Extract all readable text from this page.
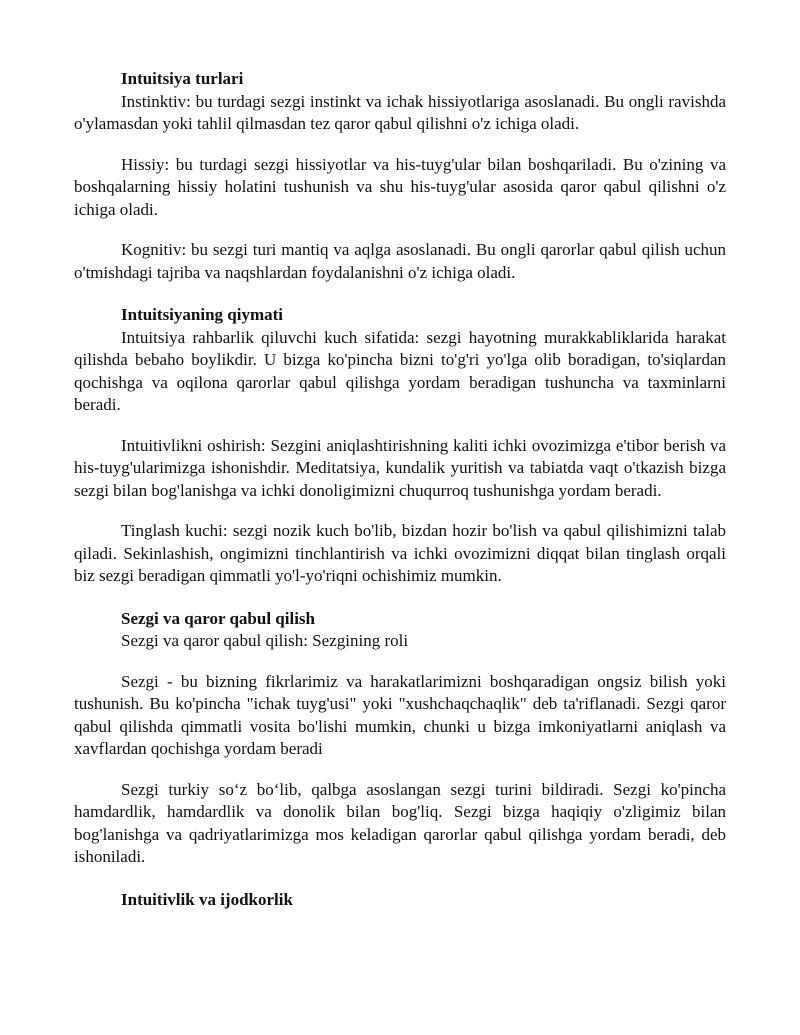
Intuitsiya turlari

Instinktiv: bu turdagi sezgi instinkt va ichak hissiyotlariga asoslanadi. Bu ongli ravishda o'ylamasdan yoki tahlil qilmasdan tez qaror qabul qilishni o'z ichiga oladi.

Hissiy: bu turdagi sezgi hissiyotlar va his-tuyg'ular bilan boshqariladi. Bu o'zining va boshqalarning hissiy holatini tushunish va shu his-tuyg'ular asosida qaror qabul qilishni o'z ichiga oladi.

Kognitiv: bu sezgi turi mantiq va aqlga asoslanadi. Bu ongli qarorlar qabul qilish uchun o'tmishdagi tajriba va naqshlardan foydalanishni o'z ichiga oladi.

Intuitsiyaning qiymati

Intuitsiya rahbarlik qiluvchi kuch sifatida: sezgi hayotning murakkabliklarida harakat qilishda bebaho boylikdir. U bizga ko'pincha bizni to'g'ri yo'lga olib boradigan, to'siqlardan qochishga va oqilona qarorlar qabul qilishga yordam beradigan tushuncha va taxminlarni beradi.

Intuitivlikni oshirish: Sezgini aniqlashtirishning kaliti ichki ovozimizga e'tibor berish va his-tuyg'ularimizga ishonishdir. Meditatsiya, kundalik yuritish va tabiatda vaqt o'tkazish bizga sezgi bilan bog'lanishga va ichki donoligimizni chuqurroq tushunishga yordam beradi.

Tinglash kuchi: sezgi nozik kuch bo'lib, bizdan hozir bo'lish va qabul qilishimizni talab qiladi. Sekinlashish, ongimizni tinchlantirish va ichki ovozimizni diqqat bilan tinglash orqali biz sezgi beradigan qimmatli yo'l-yo'riqni ochishimiz mumkin.

Sezgi va qaror qabul qilish

Sezgi va qaror qabul qilish: Sezgining roli

Sezgi - bu bizning fikrlarimiz va harakatlarimizni boshqaradigan ongsiz bilish yoki tushunish. Bu ko'pincha "ichak tuyg'usi" yoki "xushchaqchaqlik" deb ta'riflanadi. Sezgi qaror qabul qilishda qimmatli vosita bo'lishi mumkin, chunki u bizga imkoniyatlarni aniqlash va xavflardan qochishga yordam beradi

Sezgi turkiy so‘z bo‘lib, qalbga asoslangan sezgi turini bildiradi. Sezgi ko'pincha hamdardlik, hamdardlik va donolik bilan bog'liq. Sezgi bizga haqiqiy o'zligimiz bilan bog'lanishga va qadriyatlarimizga mos keladigan qarorlar qabul qilishga yordam beradi, deb ishoniladi.

Intuitivlik va ijodkorlik
